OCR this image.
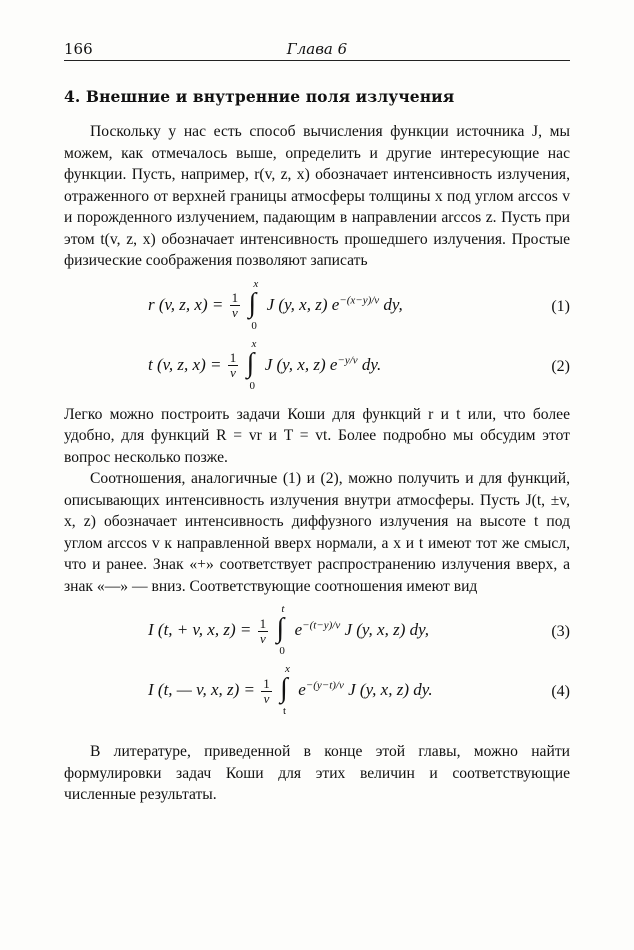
166	Глава 6
4. Внешние и внутренние поля излучения

Поскольку у нас есть способ вычисления функции источника J, мы можем, как отмечалось выше, определить и другие интересующие нас функции. Пусть, например, r(v, z, x) обозначает интенсивность излучения, отраженного от верхней границы атмосферы толщины x под углом arccos v и порожденного излучением, падающим в направлении arccos z. Пусть при этом t(v, z, x) обозначает интенсивность прошедшего излучения. Простые физические соображения позволяют записать

r (v, z, $x) = \frac{1}{v}$
∫
x
0
J (y, x, z) $e^{-(x-y)/v}$ dy,	(1)
t (v, z, $x) = \frac{1}{v}$
∫
x
0
J (y, x, z) $e^{-y/v}$ dy.	(2)

Легко можно построить задачи Коши для функций r и t или, что более удобно, для функций R = vr и T = vt. Более подробно мы обсудим этот вопрос несколько позже.

Соотношения, аналогичные (1) и (2), можно получить и для функций, описывающих интенсивность излучения внутри атмосферы. Пусть J(t, ±v, x, z) обозначает интенсивность диффузного излучения на высоте t под углом arccos v к направленной вверх нормали, а x и t имеют тот же смысл, что и ранее. Знак «+» соответствует распространению излучения вверх, а знак «—» — вниз. Соответствующие соотношения имеют вид

I (t, + v, x, $z) = \frac{1}{v}$
∫
t
0
$e^{-(t-y)/v}$ J (y, x, z) dy,	(3)
I (t, — v, x, $z) = \frac{1}{v}$
∫
x
t
$e^{-(y-t)/v}$ J (y, x, z) dy.	(4)

В литературе, приведенной в конце этой главы, можно найти формулировки задач Коши для этих величин и соответствующие численные результаты.
